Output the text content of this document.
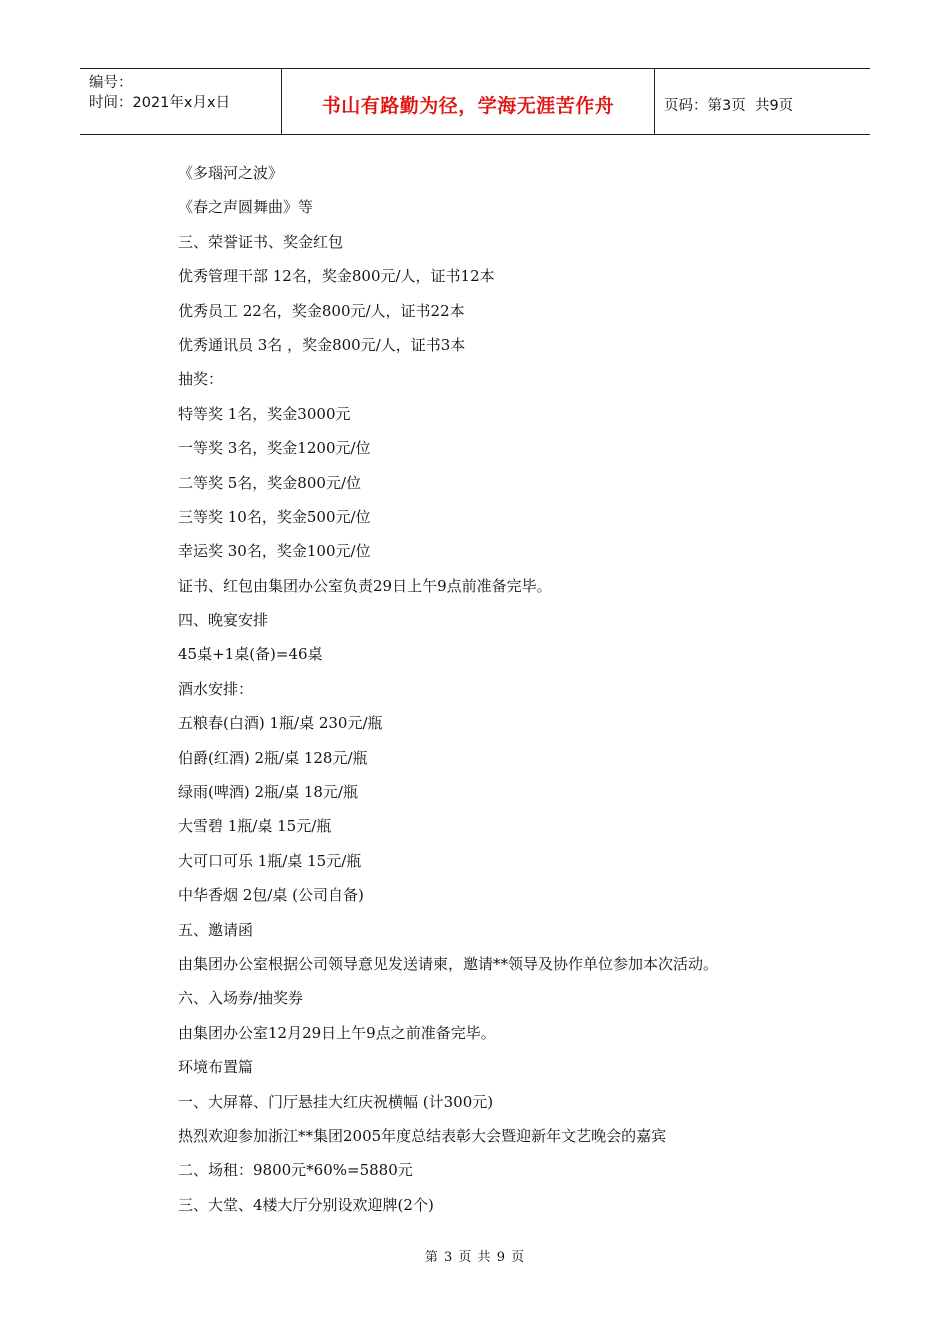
编号：
时间：2021年x月x日	书山有路勤为径，学海无涯苦作舟	页码：第3页  共9页
《多瑙河之波》
《春之声圆舞曲》等
三、荣誉证书、奖金红包
优秀管理干部 12名，奖金800元/人，证书12本
优秀员工 22名，奖金800元/人，证书22本
优秀通讯员 3名 ，奖金800元/人，证书3本
抽奖：
特等奖 1名，奖金3000元
一等奖 3名，奖金1200元/位
二等奖 5名，奖金800元/位
三等奖 10名，奖金500元/位
幸运奖 30名，奖金100元/位
证书、红包由集团办公室负责29日上午9点前准备完毕。
四、晚宴安排
45桌+1桌(备)=46桌
酒水安排：
五粮春(白酒) 1瓶/桌 230元/瓶
伯爵(红酒) 2瓶/桌 128元/瓶
绿雨(啤酒) 2瓶/桌 18元/瓶
大雪碧 1瓶/桌 15元/瓶
大可口可乐 1瓶/桌 15元/瓶
中华香烟 2包/桌 (公司自备)
五、邀请函
由集团办公室根据公司领导意见发送请柬，邀请**领导及协作单位参加本次活动。
六、入场券/抽奖券
由集团办公室12月29日上午9点之前准备完毕。
环境布置篇
一、大屏幕、门厅悬挂大红庆祝横幅 (计300元)
热烈欢迎参加浙江**集团2005年度总结表彰大会暨迎新年文艺晚会的嘉宾
二、场租：9800元*60%=5880元
三、大堂、4楼大厅分别设欢迎牌(2个)
第 3 页 共 9 页
